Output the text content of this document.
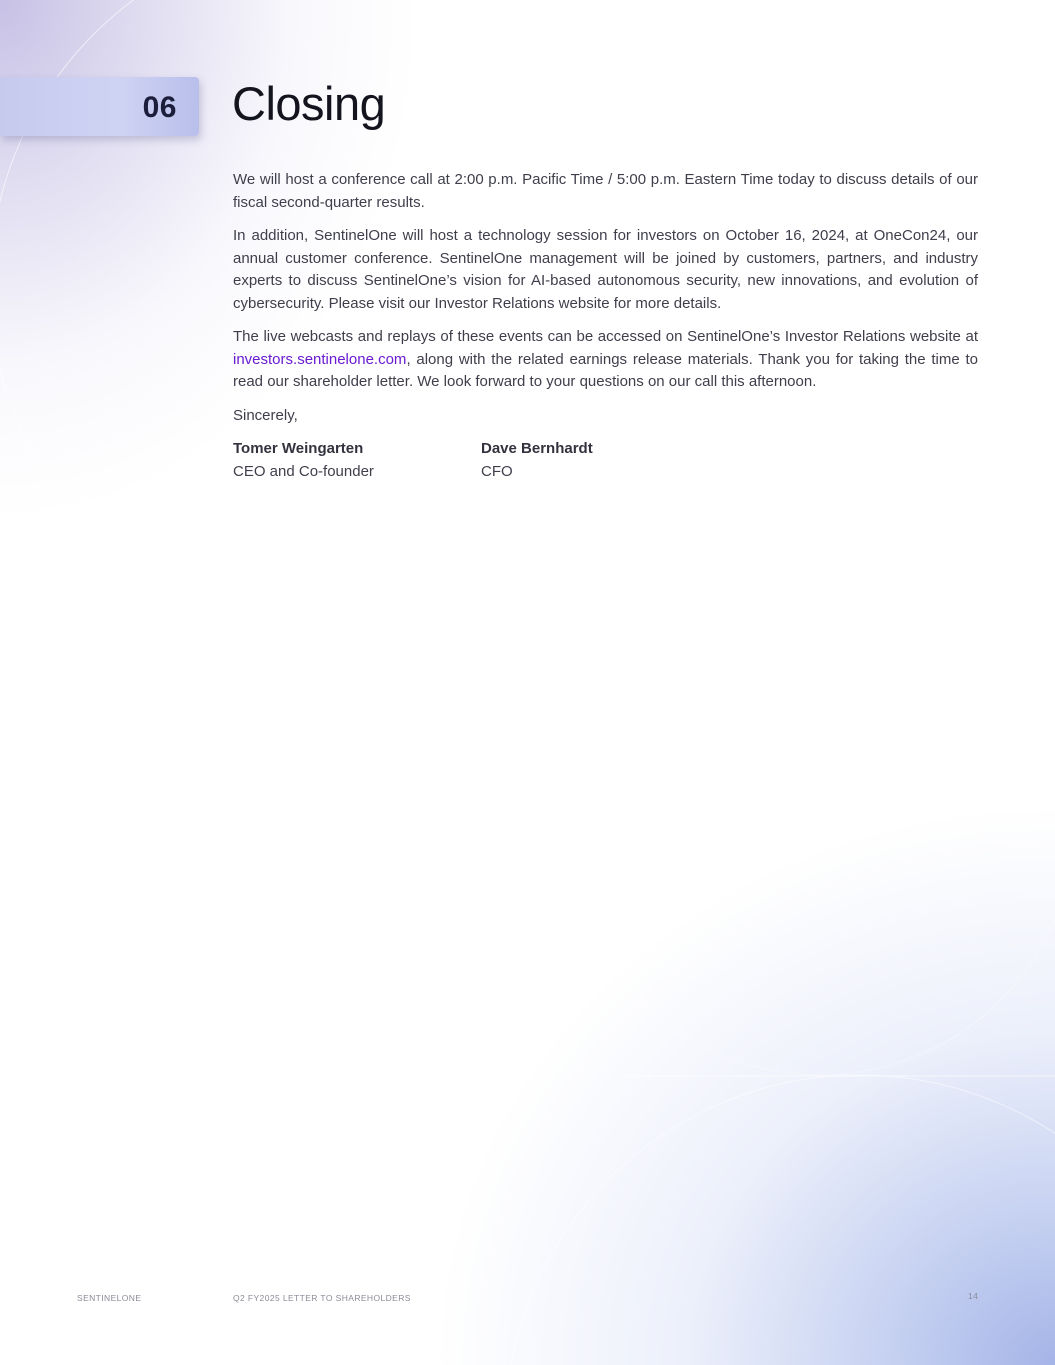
06 Closing

We will host a conference call at 2:00 p.m. Pacific Time / 5:00 p.m. Eastern Time today to discuss details of our fiscal second-quarter results.

In addition, SentinelOne will host a technology session for investors on October 16, 2024, at OneCon24, our annual customer conference. SentinelOne management will be joined by customers, partners, and industry experts to discuss SentinelOne’s vision for AI-based autonomous security, new innovations, and evolution of cybersecurity. Please visit our Investor Relations website for more details.

The live webcasts and replays of these events can be accessed on SentinelOne’s Investor Relations website at investors.sentinelone.com, along with the related earnings release materials. Thank you for taking the time to read our shareholder letter. We look forward to your questions on our call this afternoon.

Sincerely,

Tomer Weingarten
CEO and Co-founder
Dave Bernhardt
CFO
SENTINELONE	Q2 FY2025 LETTER TO SHAREHOLDERS	14
